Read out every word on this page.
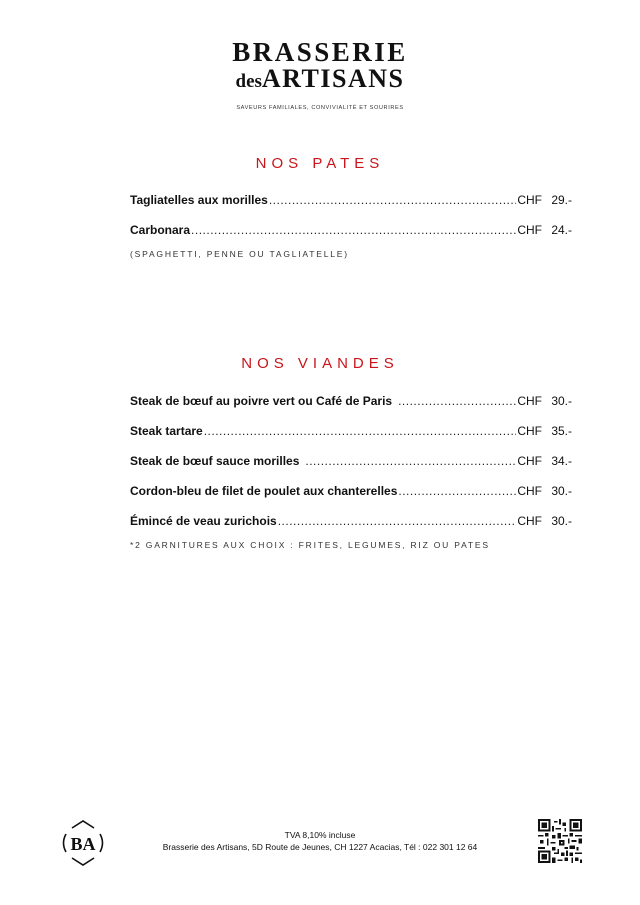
BRASSERIE
desARTISANS
SAVEURS FAMILIALES, CONVIVIALITÉ ET SOURIRES
NOS PATES
Tagliatelles aux morilles .....	CHF 29.-
Carbonara .....	CHF 24.-
(SPAGHETTI, PENNE OU TAGLIATELLE)
NOS VIANDES
Steak de bœuf au poivre vert ou Café de Paris .....	CHF 30.-
Steak tartare .....	CHF 35.-
Steak de bœuf sauce morilles .....	CHF 34.-
Cordon-bleu de filet de poulet aux chanterelles .....	CHF 30.-
Émincé de veau zurichois .....	CHF 30.-
*2 GARNITURES AUX CHOIX : FRITES, LEGUMES, RIZ OU PATES
BA	TVA 8,10% incluse
Brasserie des Artisans, 5D Route de Jeunes, CH 1227 Acacias, Tél : 022 301 12 64
